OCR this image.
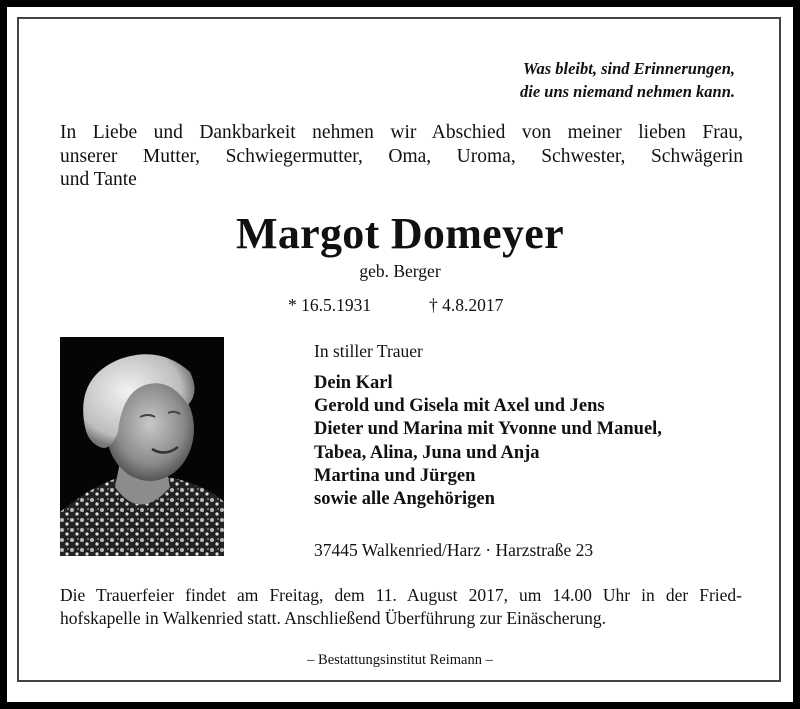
Was bleibt, sind Erinnerungen,
die uns niemand nehmen kann.
In Liebe und Dankbarkeit nehmen wir Abschied von meiner lieben Frau,
unserer Mutter, Schwiegermutter, Oma, Uroma, Schwester, Schwägerin
und Tante
Margot Domeyer
geb. Berger
* 16.5.1931	† 4.8.2017
In stiller Trauer
Dein Karl
Gerold und Gisela mit Axel und Jens
Dieter und Marina mit Yvonne und Manuel,
Tabea, Alina, Juna und Anja
Martina und Jürgen
sowie alle Angehörigen
37445 Walkenried/Harz · Harzstraße 23
Die Trauerfeier findet am Freitag, dem 11. August 2017, um 14.00 Uhr in der Fried-
hofskapelle in Walkenried statt. Anschließend Überführung zur Einäscherung.
– Bestattungsinstitut Reimann –
